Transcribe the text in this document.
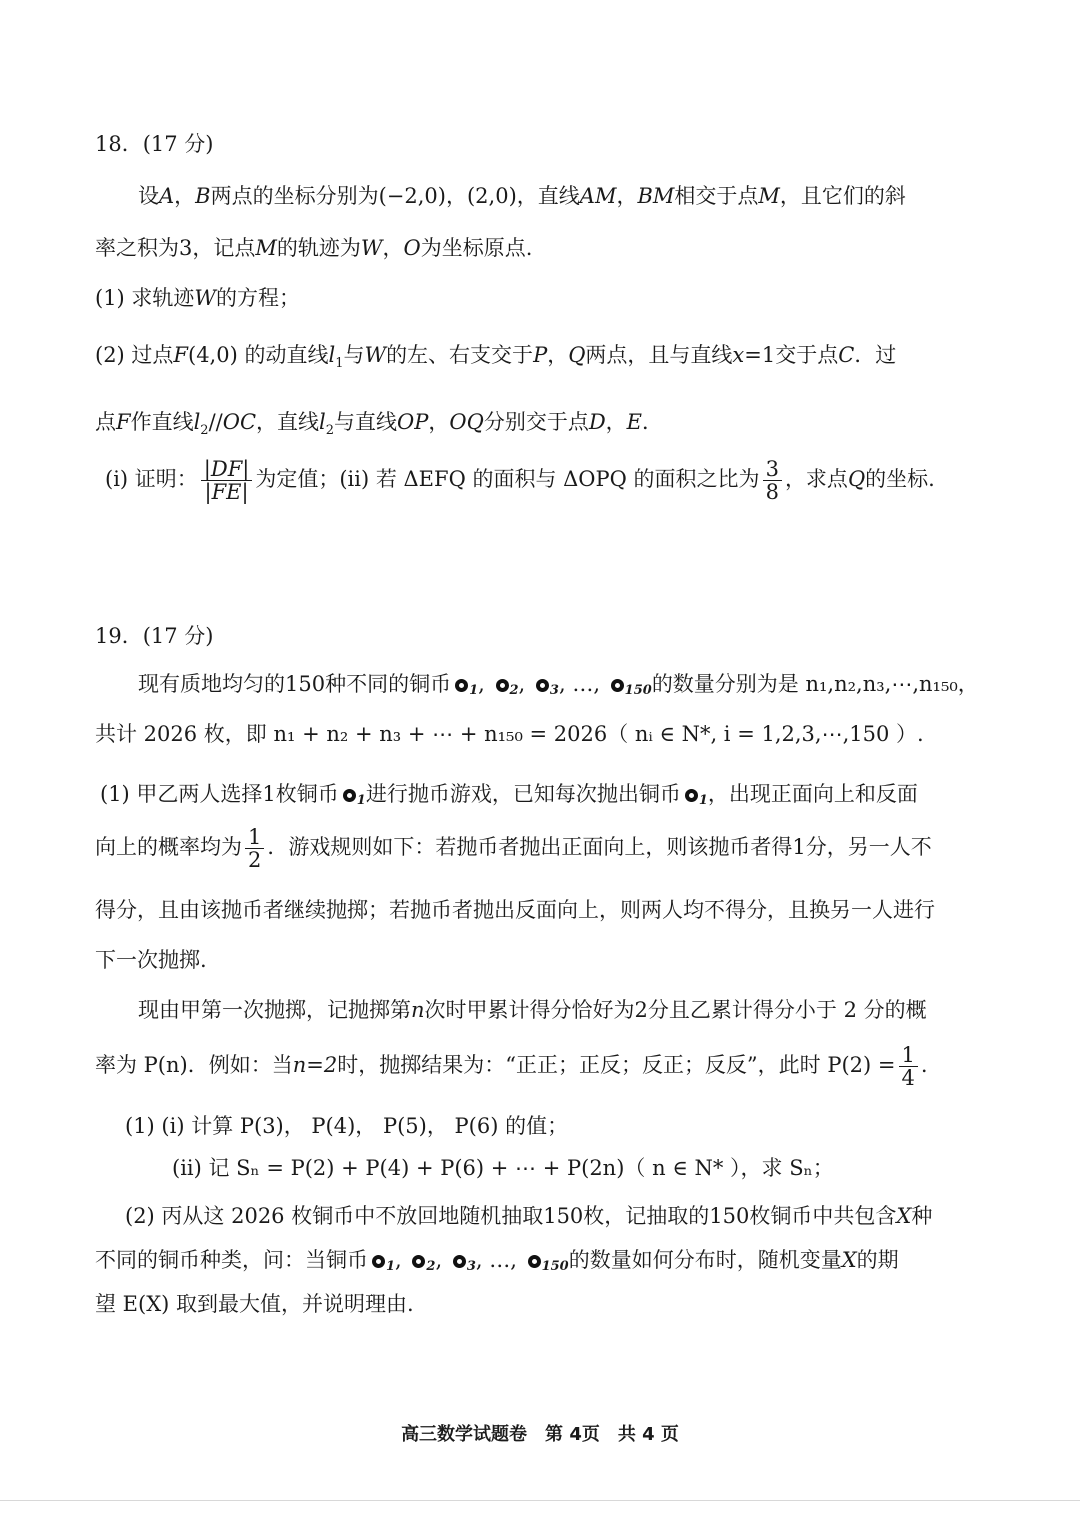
18．(17 分)
设A，B两点的坐标分别为(−2,0)，(2,0)，直线AM，BM相交于点M，且它们的斜
率之积为3，记点M的轨迹为W，O为坐标原点.
(1) 求轨迹W的方程；
(2) 过点F(4,0) 的动直线$l_1$与W的左、右支交于P，Q两点，且与直线x=1交于点C．过
点F作直线$l_2//OC$，直线$l_2$与直线OP，OQ分别交于点D，E．
(i) 证明： $\frac{|DF|}{|FE|}$ 为定值；(ii) 若 ΔEFQ 的面积与 ΔOPQ 的面积之比为 $\frac{3}{8}$ ，求点Q的坐标.
19．(17 分)
现有质地均匀的150种不同的铜币 1, 2, 3, …, 150的数量分别为是 n₁,n₂,n₃,⋯,n₁₅₀，
共计 2026 枚，即 n₁ + n₂ + n₃ + ⋯ + n₁₅₀ = 2026（ nᵢ ∈ N*, i = 1,2,3,⋯,150 ）.
(1) 甲乙两人选择1枚铜币 1进行抛币游戏，已知每次抛出铜币 1，出现正面向上和反面
向上的概率均为 $\frac{1}{2}$ ．游戏规则如下：若抛币者抛出正面向上，则该抛币者得1分，另一人不
得分，且由该抛币者继续抛掷；若抛币者抛出反面向上，则两人均不得分，且换另一人进行
下一次抛掷.
现由甲第一次抛掷，记抛掷第n次时甲累计得分恰好为2分且乙累计得分小于 2 分的概
率为 P(n)．例如：当n=2时，抛掷结果为：“正正；正反；反正；反反”，此时 $P(2) = \frac{1}{4}$ .
(1) (i) 计算 P(3)， P(4)， P(5)， P(6) 的值；
(ii) 记 Sₙ = P(2) + P(4) + P(6) + ⋯ + P(2n)（ n ∈ N* ），求 Sₙ；
(2) 丙从这 2026 枚铜币中不放回地随机抽取150枚，记抽取的150枚铜币中共包含X种
不同的铜币种类，问：当铜币 1, 2, 3, …, 150的数量如何分布时，随机变量X的期
望 E(X) 取到最大值，并说明理由.
高三数学试题卷　第 4页　共 4 页
